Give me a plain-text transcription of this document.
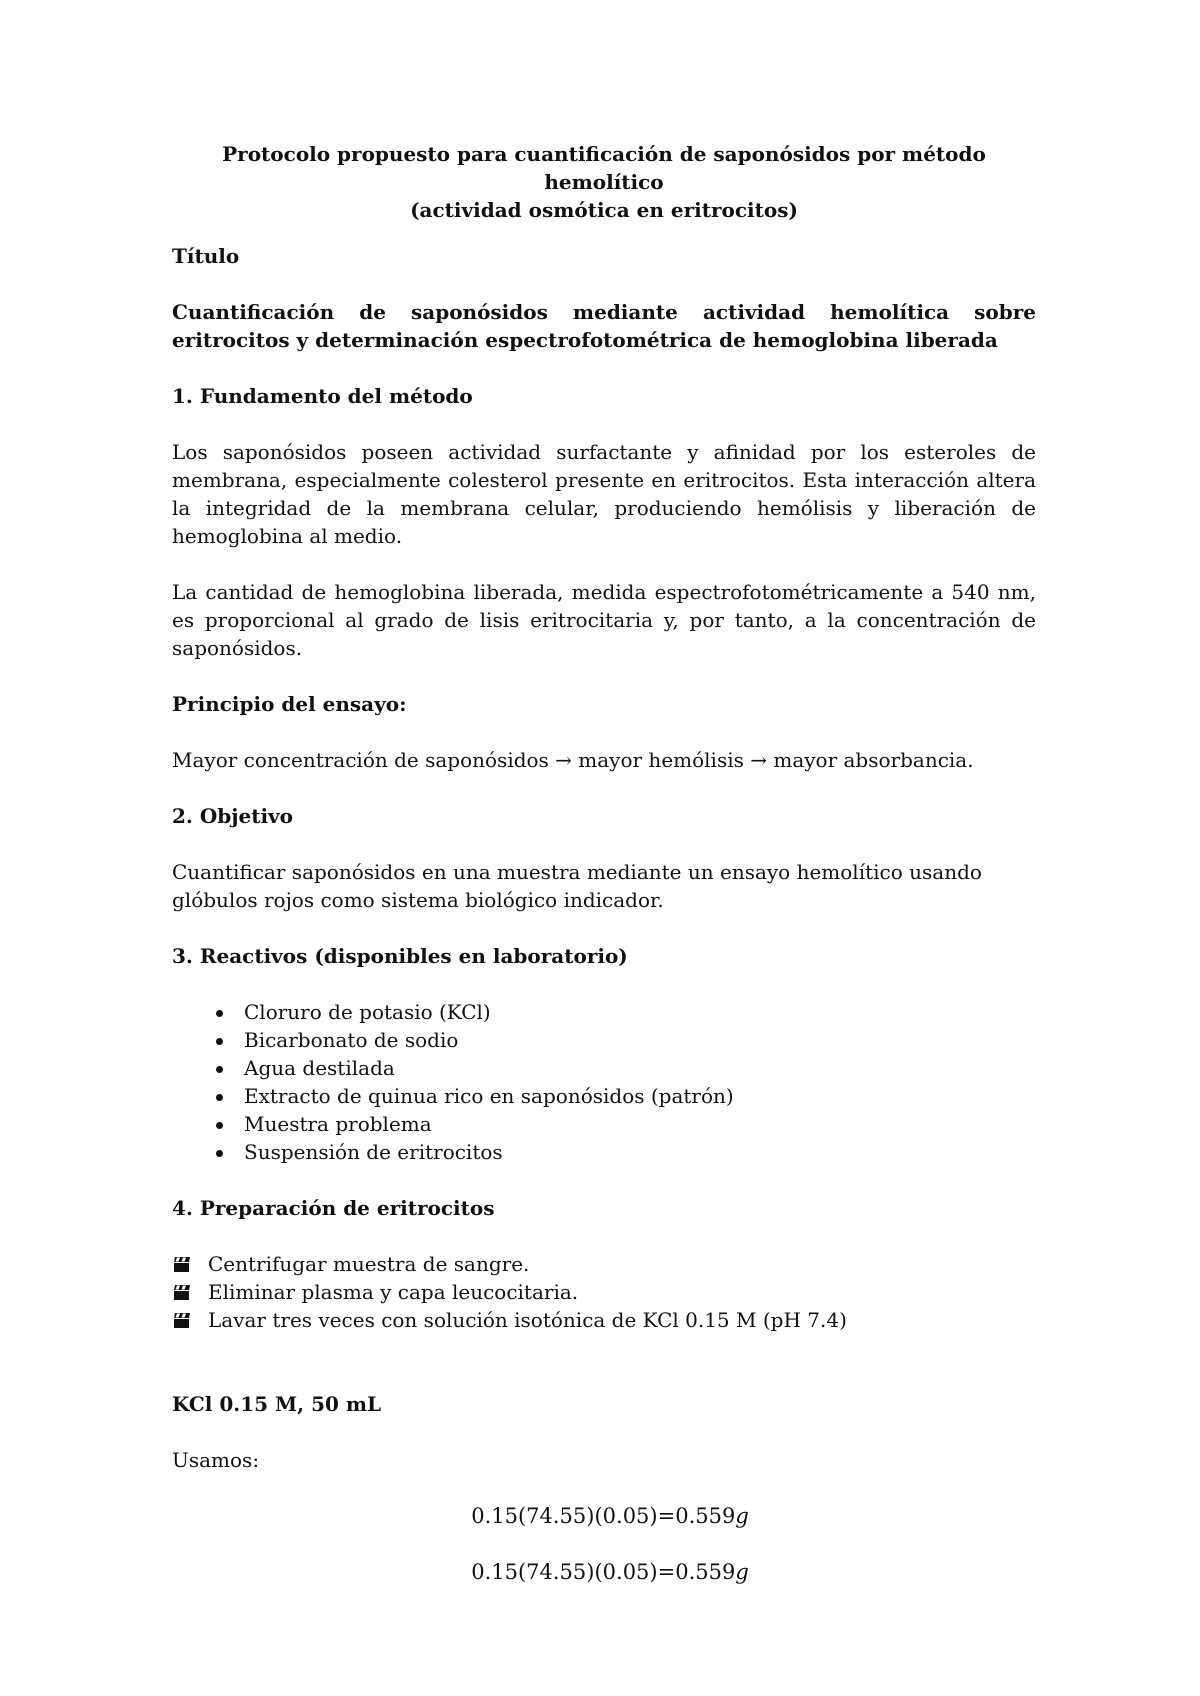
Protocolo propuesto para cuantificación de saponósidos por método hemolítico
(actividad osmótica en eritrocitos)
Título
Cuantificación de saponósidos mediante actividad hemolítica sobre eritrocitos y determinación espectrofotométrica de hemoglobina liberada
1. Fundamento del método

Los saponósidos poseen actividad surfactante y afinidad por los esteroles de membrana, especialmente colesterol presente en eritrocitos. Esta interacción altera la integridad de la membrana celular, produciendo hemólisis y liberación de hemoglobina al medio.

La cantidad de hemoglobina liberada, medida espectrofotométricamente a 540 nm, es proporcional al grado de lisis eritrocitaria y, por tanto, a la concentración de saponósidos.

Principio del ensayo:

Mayor concentración de saponósidos → mayor hemólisis → mayor absorbancia.

2. Objetivo

Cuantificar saponósidos en una muestra mediante un ensayo hemolítico usando glóbulos rojos como sistema biológico indicador.

3. Reactivos (disponibles en laboratorio)
Cloruro de potasio (KCl)
Bicarbonato de sodio
Agua destilada
Extracto de quinua rico en saponósidos (patrón)
Muestra problema
Suspensión de eritrocitos
4. Preparación de eritrocitos
Centrifugar muestra de sangre.
Eliminar plasma y capa leucocitaria.
Lavar tres veces con solución isotónica de KCl 0.15 M (pH 7.4)
KCl 0.15 M, 50 mL

Usamos:

0.15(74.55)(0.05)=0.559g
0.15(74.55)(0.05)=0.559g
